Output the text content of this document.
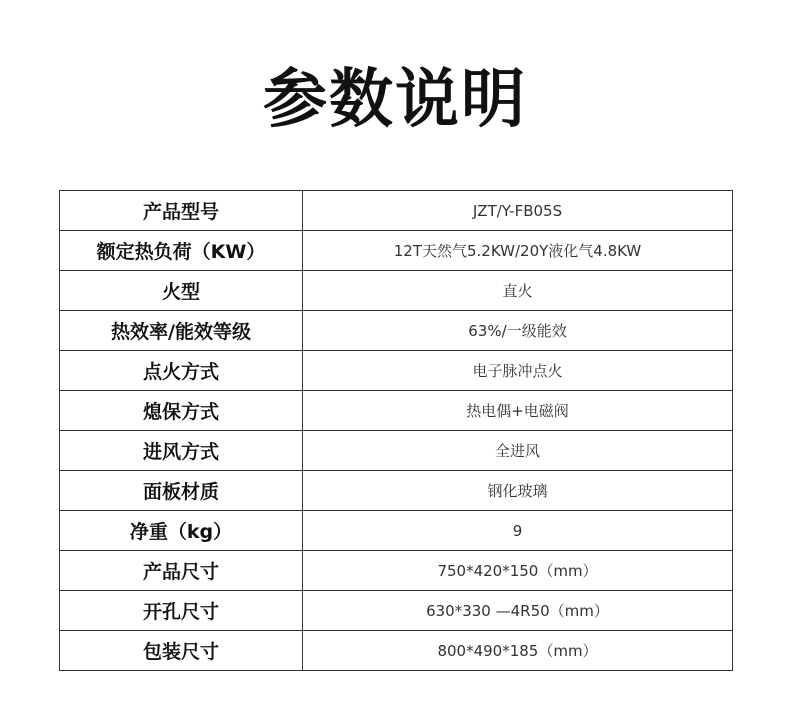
参数说明
产品型号	JZT/Y-FB05S
额定热负荷（KW）	12T天然气5.2KW/20Y液化气4.8KW
火型	直火
热效率/能效等级	63%/一级能效
点火方式	电子脉冲点火
熄保方式	热电偶+电磁阀
进风方式	全进风
面板材质	钢化玻璃
净重（kg）	9
产品尺寸	750*420*150（mm）
开孔尺寸	630*330 —4R50（mm）
包装尺寸	800*490*185（mm）
